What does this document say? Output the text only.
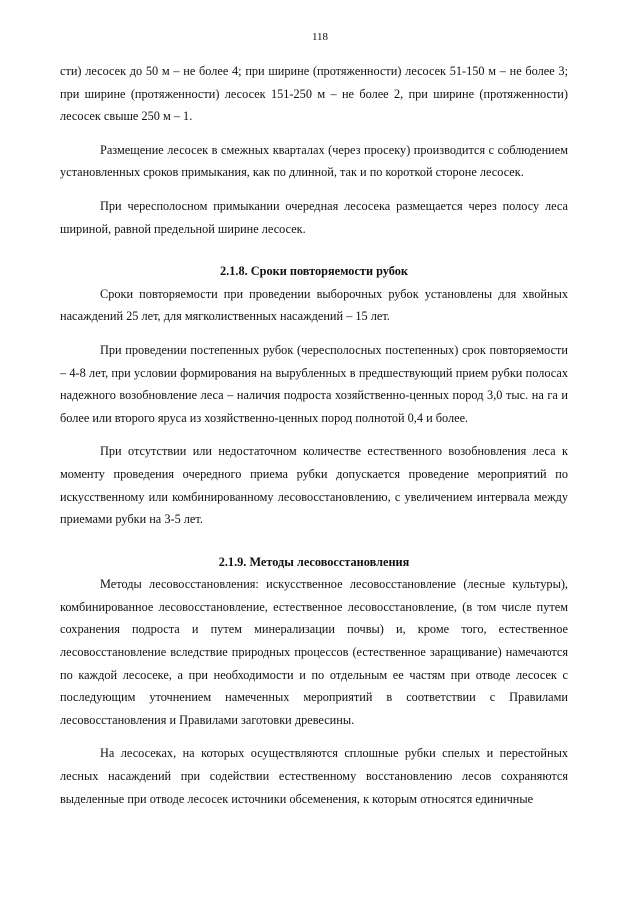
118

сти) лесосек до 50 м – не более 4; при ширине (протяженности) лесосек 51-150 м – не более 3; при ширине (протяженности) лесосек 151-250 м – не более 2, при ширине (протяженности) лесосек свыше 250 м – 1.

Размещение лесосек в смежных кварталах (через просеку) производится с соблюдением установленных сроков примыкания, как по длинной, так и по короткой стороне лесосек.

При чересполосном примыкании очередная лесосека размещается через полосу леса шириной, равной предельной ширине лесосек.

2.1.8. Сроки повторяемости рубок

Сроки повторяемости при проведении выборочных рубок установлены для хвойных насаждений 25 лет, для мягколиственных насаждений – 15 лет.

При проведении постепенных рубок (чересполосных постепенных) срок повторяемости – 4-8 лет, при условии формирования на вырубленных в предшествующий прием рубки полосах надежного возобновление леса – наличия подроста хозяйственно-ценных пород 3,0 тыс. на га и более или второго яруса из хозяйственно-ценных пород полнотой 0,4 и более.

При отсутствии или недостаточном количестве естественного возобновления леса к моменту проведения очередного приема рубки допускается проведение мероприятий по искусственному или комбинированному лесовосстановлению, с увеличением интервала между приемами рубки на 3-5 лет.

2.1.9. Методы лесовосстановления

Методы лесовосстановления: искусственное лесовосстановление (лесные культуры), комбинированное лесовосстановление, естественное лесовосстановление, (в том числе путем сохранения подроста и путем минерализации почвы) и, кроме того, естественное лесовосстановление вследствие природных процессов (естественное заращивание) намечаются по каждой лесосеке, а при необходимости и по отдельным ее частям при отводе лесосек с последующим уточнением намеченных мероприятий в соответствии с Правилами лесовосстановления и Правилами заготовки древесины.

На лесосеках, на которых осуществляются сплошные рубки спелых и перестойных лесных насаждений при содействии естественному восстановлению лесов сохраняются выделенные при отводе лесосек источники обсеменения, к которым относятся единичные
